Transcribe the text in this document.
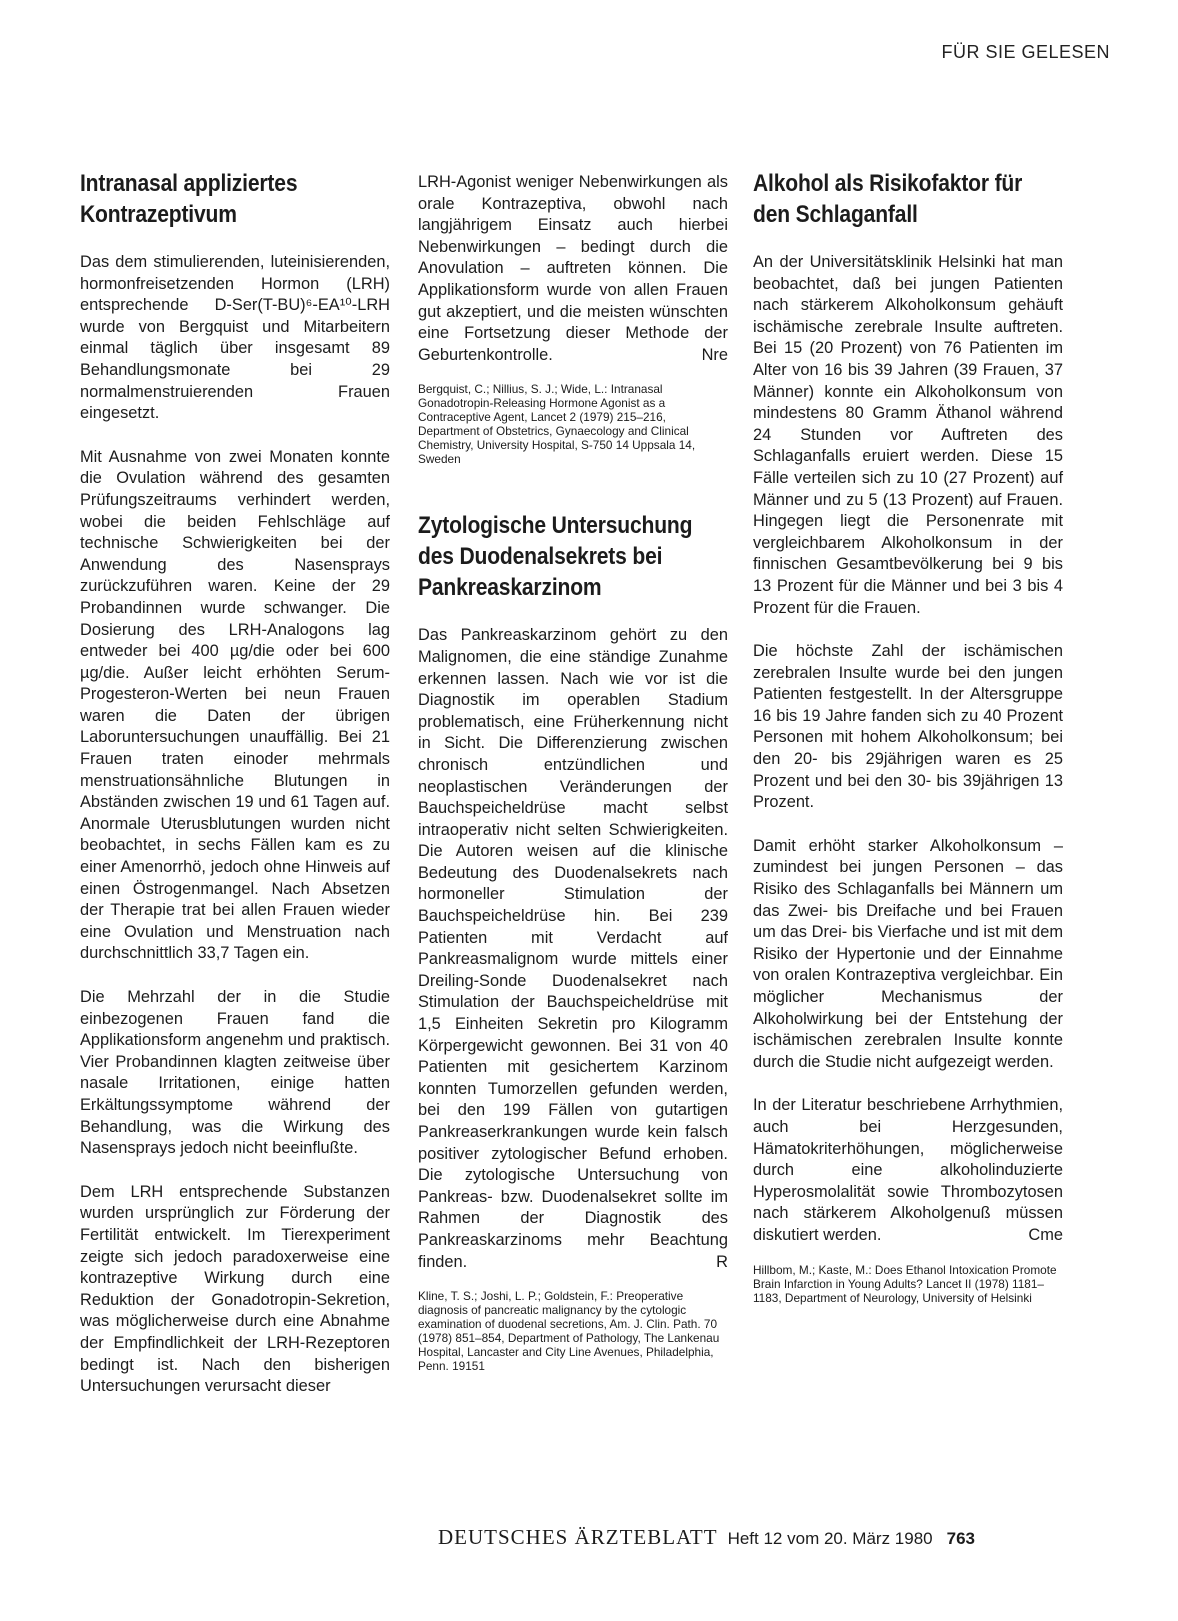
FÜR SIE GELESEN
Intranasal appliziertes Kontrazeptivum

Das dem stimulierenden, luteinisierenden, hormonfreisetzenden Hormon (LRH) entsprechende D-Ser(T-BU)⁶-EA¹⁰-LRH wurde von Bergquist und Mitarbeitern einmal täglich über insgesamt 89 Behandlungsmonate bei 29 normalmenstruierenden Frauen eingesetzt.

Mit Ausnahme von zwei Monaten konnte die Ovulation während des gesamten Prüfungszeitraums verhindert werden, wobei die beiden Fehlschläge auf technische Schwierigkeiten bei der Anwendung des Nasensprays zurückzuführen waren. Keine der 29 Probandinnen wurde schwanger. Die Dosierung des LRH-Analogons lag entweder bei 400 µg/die oder bei 600 µg/die. Außer leicht erhöhten Serum-Progesteron-Werten bei neun Frauen waren die Daten der übrigen Laboruntersuchungen unauffällig. Bei 21 Frauen traten einoder mehrmals menstruationsähnliche Blutungen in Abständen zwischen 19 und 61 Tagen auf. Anormale Uterusblutungen wurden nicht beobachtet, in sechs Fällen kam es zu einer Amenorrhö, jedoch ohne Hinweis auf einen Östrogenmangel. Nach Absetzen der Therapie trat bei allen Frauen wieder eine Ovulation und Menstruation nach durchschnittlich 33,7 Tagen ein.

Die Mehrzahl der in die Studie einbezogenen Frauen fand die Applikationsform angenehm und praktisch. Vier Probandinnen klagten zeitweise über nasale Irritationen, einige hatten Erkältungssymptome während der Behandlung, was die Wirkung des Nasensprays jedoch nicht beeinflußte.

Dem LRH entsprechende Substanzen wurden ursprünglich zur Förderung der Fertilität entwickelt. Im Tierexperiment zeigte sich jedoch paradoxerweise eine kontrazeptive Wirkung durch eine Reduktion der Gonadotropin-Sekretion, was möglicherweise durch eine Abnahme der Empfindlichkeit der LRH-Rezeptoren bedingt ist. Nach den bisherigen Untersuchungen verursacht dieser

LRH-Agonist weniger Nebenwirkungen als orale Kontrazeptiva, obwohl nach langjährigem Einsatz auch hierbei Nebenwirkungen – bedingt durch die Anovulation – auftreten können. Die Applikationsform wurde von allen Frauen gut akzeptiert, und die meisten wünschten eine Fortsetzung dieser Methode der Geburtenkontrolle.	Nre

Bergquist, C.; Nillius, S. J.; Wide, L.: Intranasal Gonadotropin-Releasing Hormone Agonist as a Contraceptive Agent, Lancet 2 (1979) 215–216, Department of Obstetrics, Gynaecology and Clinical Chemistry, University Hospital, S-750 14 Uppsala 14, Sweden
Zytologische Untersuchung des Duodenalsekrets bei Pankreaskarzinom

Das Pankreaskarzinom gehört zu den Malignomen, die eine ständige Zunahme erkennen lassen. Nach wie vor ist die Diagnostik im operablen Stadium problematisch, eine Früherkennung nicht in Sicht. Die Differenzierung zwischen chronisch entzündlichen und neoplastischen Veränderungen der Bauchspeicheldrüse macht selbst intraoperativ nicht selten Schwierigkeiten. Die Autoren weisen auf die klinische Bedeutung des Duodenalsekrets nach hormoneller Stimulation der Bauchspeicheldrüse hin. Bei 239 Patienten mit Verdacht auf Pankreasmalignom wurde mittels einer Dreiling-Sonde Duodenalsekret nach Stimulation der Bauchspeicheldrüse mit 1,5 Einheiten Sekretin pro Kilogramm Körpergewicht gewonnen. Bei 31 von 40 Patienten mit gesichertem Karzinom konnten Tumorzellen gefunden werden, bei den 199 Fällen von gutartigen Pankreaserkrankungen wurde kein falsch positiver zytologischer Befund erhoben. Die zytologische Untersuchung von Pankreas- bzw. Duodenalsekret sollte im Rahmen der Diagnostik des Pankreaskarzinoms mehr Beachtung finden.	R

Kline, T. S.; Joshi, L. P.; Goldstein, F.: Preoperative diagnosis of pancreatic malignancy by the cytologic examination of duodenal secretions, Am. J. Clin. Path. 70 (1978) 851–854, Department of Pathology, The Lankenau Hospital, Lancaster and City Line Avenues, Philadelphia, Penn. 19151
Alkohol als Risikofaktor für den Schlaganfall

An der Universitätsklinik Helsinki hat man beobachtet, daß bei jungen Patienten nach stärkerem Alkoholkonsum gehäuft ischämische zerebrale Insulte auftreten. Bei 15 (20 Prozent) von 76 Patienten im Alter von 16 bis 39 Jahren (39 Frauen, 37 Männer) konnte ein Alkoholkonsum von mindestens 80 Gramm Äthanol während 24 Stunden vor Auftreten des Schlaganfalls eruiert werden. Diese 15 Fälle verteilen sich zu 10 (27 Prozent) auf Männer und zu 5 (13 Prozent) auf Frauen. Hingegen liegt die Personenrate mit vergleichbarem Alkoholkonsum in der finnischen Gesamtbevölkerung bei 9 bis 13 Prozent für die Männer und bei 3 bis 4 Prozent für die Frauen.

Die höchste Zahl der ischämischen zerebralen Insulte wurde bei den jungen Patienten festgestellt. In der Altersgruppe 16 bis 19 Jahre fanden sich zu 40 Prozent Personen mit hohem Alkoholkonsum; bei den 20- bis 29jährigen waren es 25 Prozent und bei den 30- bis 39jährigen 13 Prozent.

Damit erhöht starker Alkoholkonsum – zumindest bei jungen Personen – das Risiko des Schlaganfalls bei Männern um das Zwei- bis Dreifache und bei Frauen um das Drei- bis Vierfache und ist mit dem Risiko der Hypertonie und der Einnahme von oralen Kontrazeptiva vergleichbar. Ein möglicher Mechanismus der Alkoholwirkung bei der Entstehung der ischämischen zerebralen Insulte konnte durch die Studie nicht aufgezeigt werden.

In der Literatur beschriebene Arrhythmien, auch bei Herzgesunden, Hämatokriterhöhungen, möglicherweise durch eine alkoholinduzierte Hyperosmolalität sowie Thrombozytosen nach stärkerem Alkoholgenuß müssen diskutiert werden.	Cme

Hillbom, M.; Kaste, M.: Does Ethanol Intoxication Promote Brain Infarction in Young Adults? Lancet II (1978) 1181–1183, Department of Neurology, University of Helsinki
DEUTSCHES ÄRZTEBLATT Heft 12 vom 20. März 1980 763
